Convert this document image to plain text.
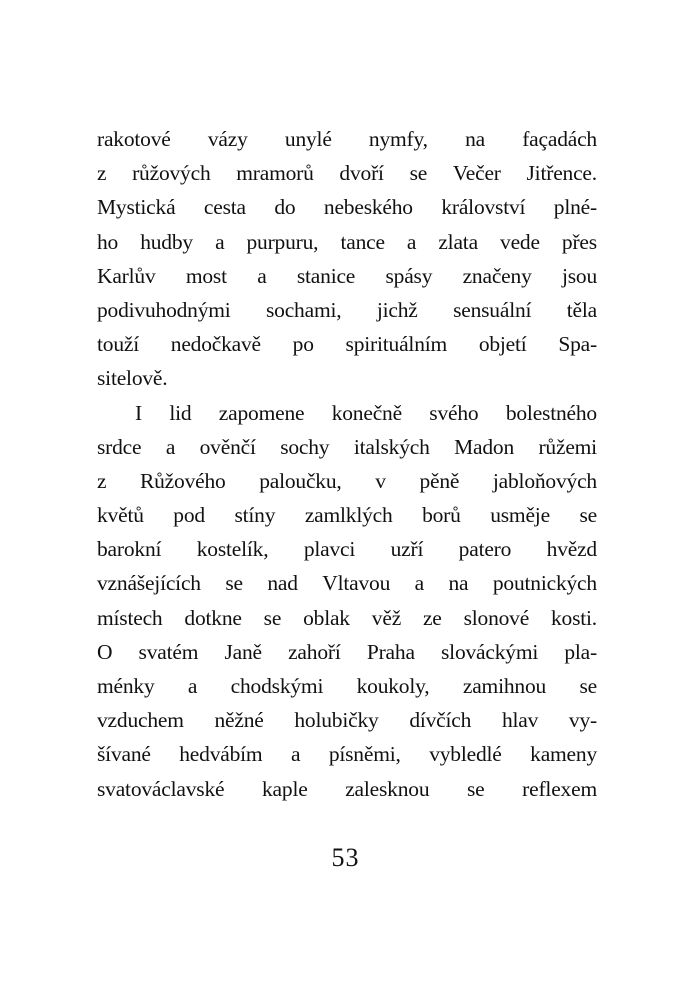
rakotové vázy unylé nymfy, na façadách
z růžových mramorů dvoří se Večer Jitřence.
Mystická cesta do nebeského království plné-
ho hudby a purpuru, tance a zlata vede přes
Karlův most a stanice spásy značeny jsou
podivuhodnými sochami, jichž sensuální těla
touží nedočkavě po spirituálním objetí Spa-
sitelově.
I lid zapomene konečně svého bolestného
srdce a ověnčí sochy italských Madon růžemi
z Růžového paloučku, v pěně jabloňových
květů pod stíny zamlklých borů usměje se
barokní kostelík, plavci uzří patero hvězd
vznášejících se nad Vltavou a na poutnických
místech dotkne se oblak věž ze slonové kosti.
O svatém Janě zahoří Praha slováckými pla-
ménky a chodskými koukoly, zamihnou se
vzduchem něžné holubičky dívčích hlav vy-
šívané hedvábím a písněmi, vybledlé kameny
svatováclavské kaple zalesknou se reflexem
53
